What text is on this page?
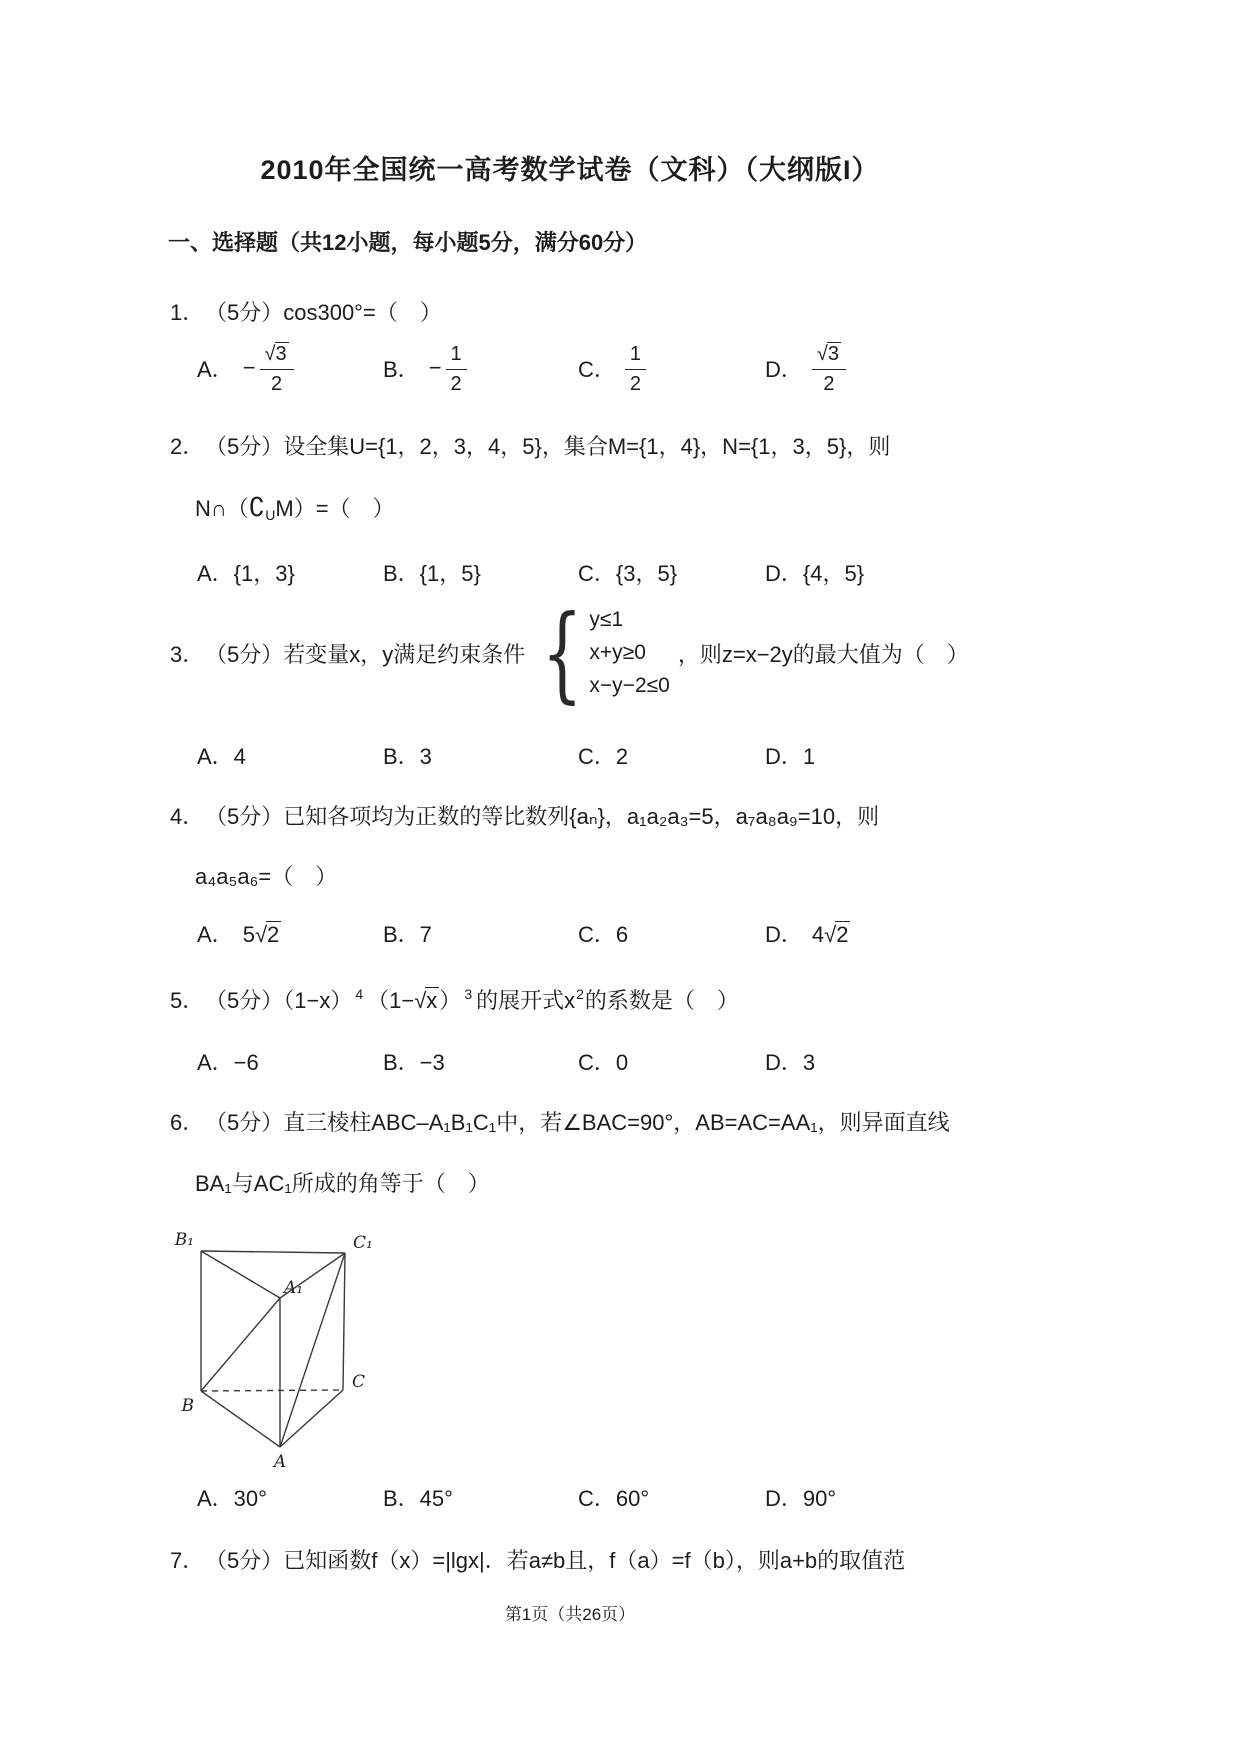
2010年全国统一高考数学试卷（文科）（大纲版I）
一、选择题（共12小题，每小题5分，满分60分）
1． （5分）cos300°=（　）
A． − $\frac{√3}{2}$	B． − $\frac{1}{2}$	C． $\frac{1}{2}$	D． $\frac{√3}{2}$
2． （5分）设全集U={1，2，3，4，5}，集合M={1，4}，N={1，3，5}，则
N∩（∁UM）=（　）
A．{1，3}	B．{1，5}	C．{3，5}	D．{4，5}
3． （5分）若变量x，y满足约束条件 { y≤1
x+y≥0
x−y−2≤0
，则z=x−2y的最大值为（　）
A．4	B．3	C．2	D．1
4． （5分）已知各项均为正数的等比数列{aₙ}，a₁a₂a₃=5，a₇a₈a₉=10，则
a₄a₅a₆=（　）
A． 5 √2	B．7	C．6	D． 4 √2
5． （5分）（1−x） $^4$ （1−√x） $^3$ 的展开式$x^2$的系数是（　）
A．−6	B．−3	C．0	D．3
6． （5分）直三棱柱ABC–A₁B₁C₁中，若∠BAC=90°，AB=AC=AA₁，则异面直线
BA₁与AC₁所成的角等于（　）
B₁	C₁
A₁
B
C
A
A．30°	B．45°	C．60°	D．90°
7． （5分）已知函数f（x）=|lgx|．若a≠b且，f（a）=f（b），则a+b的取值范
第1页（共26页）
